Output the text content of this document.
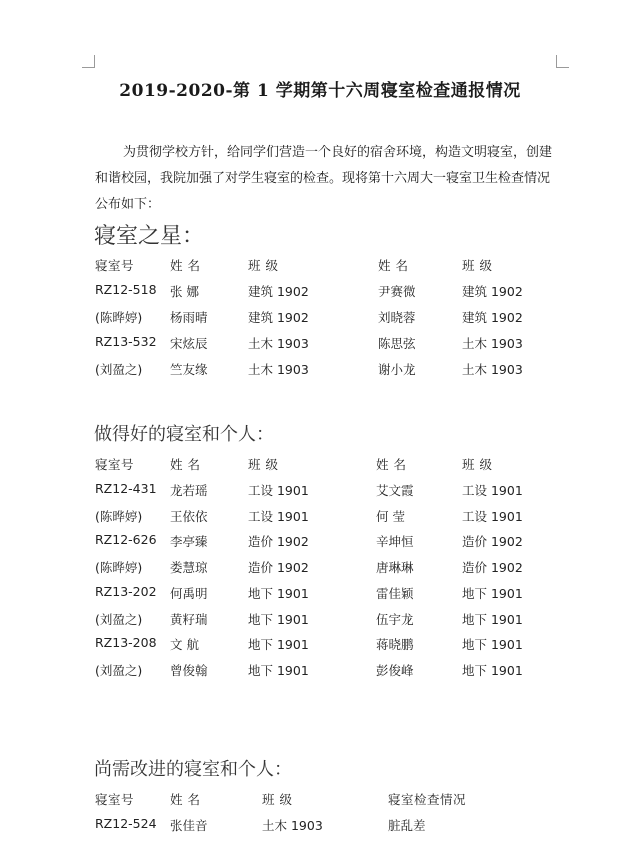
2019-2020-第 1 学期第十六周寝室检查通报情况
为贯彻学校方针，给同学们营造一个良好的宿舍环境，构造文明寝室，创建
和谐校园，我院加强了对学生寝室的检查。现将第十六周大一寝室卫生检查情况
公布如下：
寝室之星：
寝室号	姓 名	班 级	姓 名	班 级
RZ12-518 张 娜	建筑 1902	尹赛微	建筑 1902
(陈晔婷) 杨雨晴	建筑 1902	刘晓蓉	建筑 1902
RZ13-532 宋炫辰	土木 1903	陈思弦	土木 1903
(刘盈之) 竺友缘	土木 1903	谢小龙	土木 1903
做得好的寝室和个人：
寝室号	姓 名	班 级	姓 名	班 级
RZ12-431 龙若瑶	工设 1901	艾文霞	工设 1901
(陈晔婷) 王依依	工设 1901	何 莹	工设 1901
RZ12-626 李亭臻	造价 1902	辛坤恒	造价 1902
(陈晔婷) 娄慧琼	造价 1902	唐琳琳	造价 1902
RZ13-202 何禹明	地下 1901	雷佳颖	地下 1901
(刘盈之) 黄籽瑞	地下 1901	伍宇龙	地下 1901
RZ13-208 文 航	地下 1901	蒋晓鹏	地下 1901
(刘盈之) 曾俊翰	地下 1901	彭俊峰	地下 1901
尚需改进的寝室和个人：
寝室号	姓 名	班 级	寝室检查情况
RZ12-524 张佳音	土木 1903	脏乱差
